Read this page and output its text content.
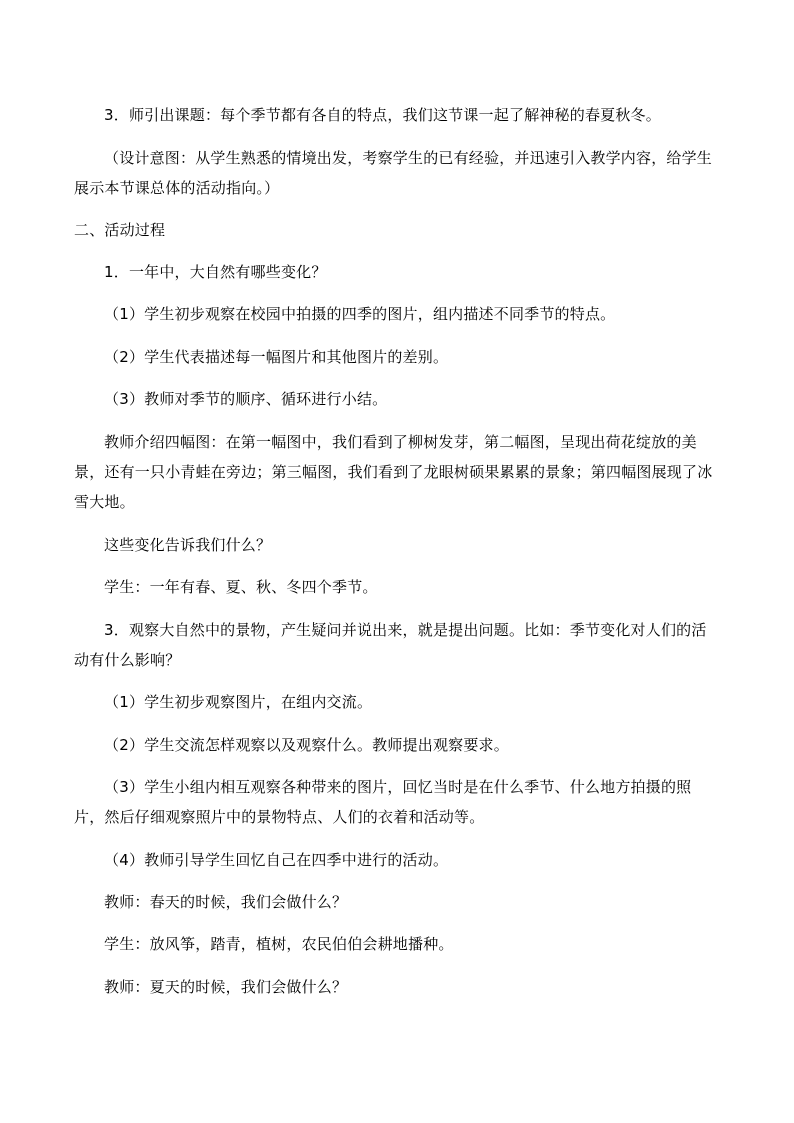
3．师引出课题：每个季节都有各自的特点，我们这节课一起了解神秘的春夏秋冬。

（设计意图：从学生熟悉的情境出发，考察学生的已有经验，并迅速引入教学内容，给学生展示本节课总体的活动指向。）

二、活动过程

1．一年中，大自然有哪些变化？

（1）学生初步观察在校园中拍摄的四季的图片，组内描述不同季节的特点。

（2）学生代表描述每一幅图片和其他图片的差别。

（3）教师对季节的顺序、循环进行小结。

教师介绍四幅图：在第一幅图中，我们看到了柳树发芽，第二幅图，呈现出荷花绽放的美景，还有一只小青蛙在旁边；第三幅图，我们看到了龙眼树硕果累累的景象；第四幅图展现了冰雪大地。

这些变化告诉我们什么？

学生：一年有春、夏、秋、冬四个季节。

3．观察大自然中的景物，产生疑问并说出来，就是提出问题。比如：季节变化对人们的活动有什么影响？

（1）学生初步观察图片，在组内交流。

（2）学生交流怎样观察以及观察什么。教师提出观察要求。

（3）学生小组内相互观察各种带来的图片，回忆当时是在什么季节、什么地方拍摄的照片，然后仔细观察照片中的景物特点、人们的衣着和活动等。

（4）教师引导学生回忆自己在四季中进行的活动。

教师：春天的时候，我们会做什么？

学生：放风筝，踏青，植树，农民伯伯会耕地播种。

教师：夏天的时候，我们会做什么？
